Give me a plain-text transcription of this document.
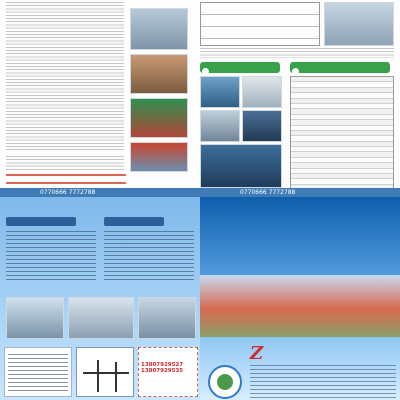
0770666 7772788	0770666 7772788
13807929527
13807929535
Z
